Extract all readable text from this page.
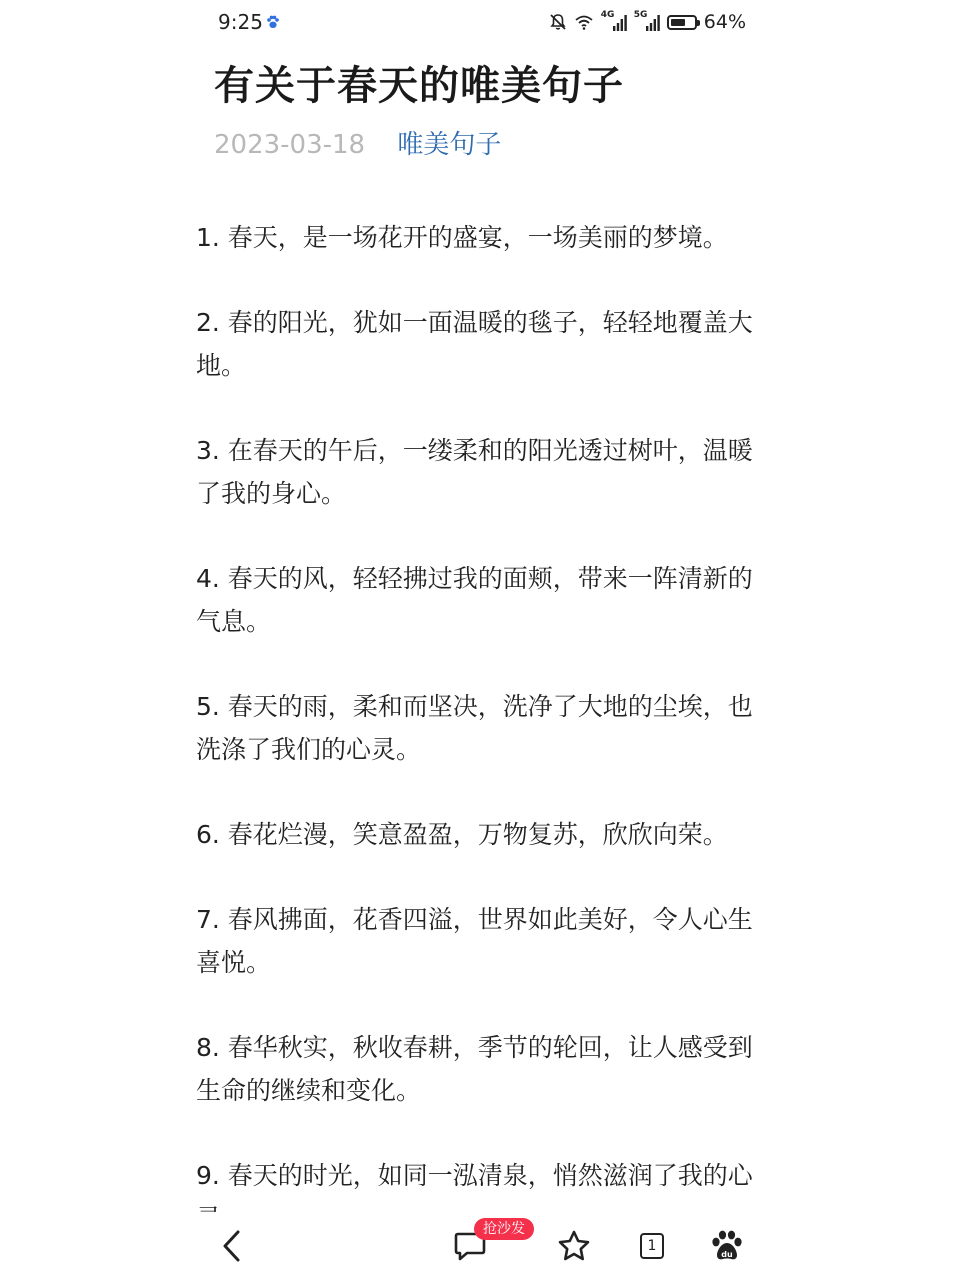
9:25	4G 5G	64%
有关于春天的唯美句子
2023-03-18 唯美句子

1. 春天，是一场花开的盛宴，一场美丽的梦境。

2. 春的阳光，犹如一面温暖的毯子，轻轻地覆盖大地。

3. 在春天的午后，一缕柔和的阳光透过树叶，温暖了我的身心。

4. 春天的风，轻轻拂过我的面颊，带来一阵清新的气息。

5. 春天的雨，柔和而坚决，洗净了大地的尘埃，也洗涤了我们的心灵。

6. 春花烂漫，笑意盈盈，万物复苏，欣欣向荣。

7. 春风拂面，花香四溢，世界如此美好，令人心生喜悦。

8. 春华秋实，秋收春耕，季节的轮回，让人感受到生命的继续和变化。

9. 春天的时光，如同一泓清泉，悄然滋润了我的心

抢沙发
1
du
